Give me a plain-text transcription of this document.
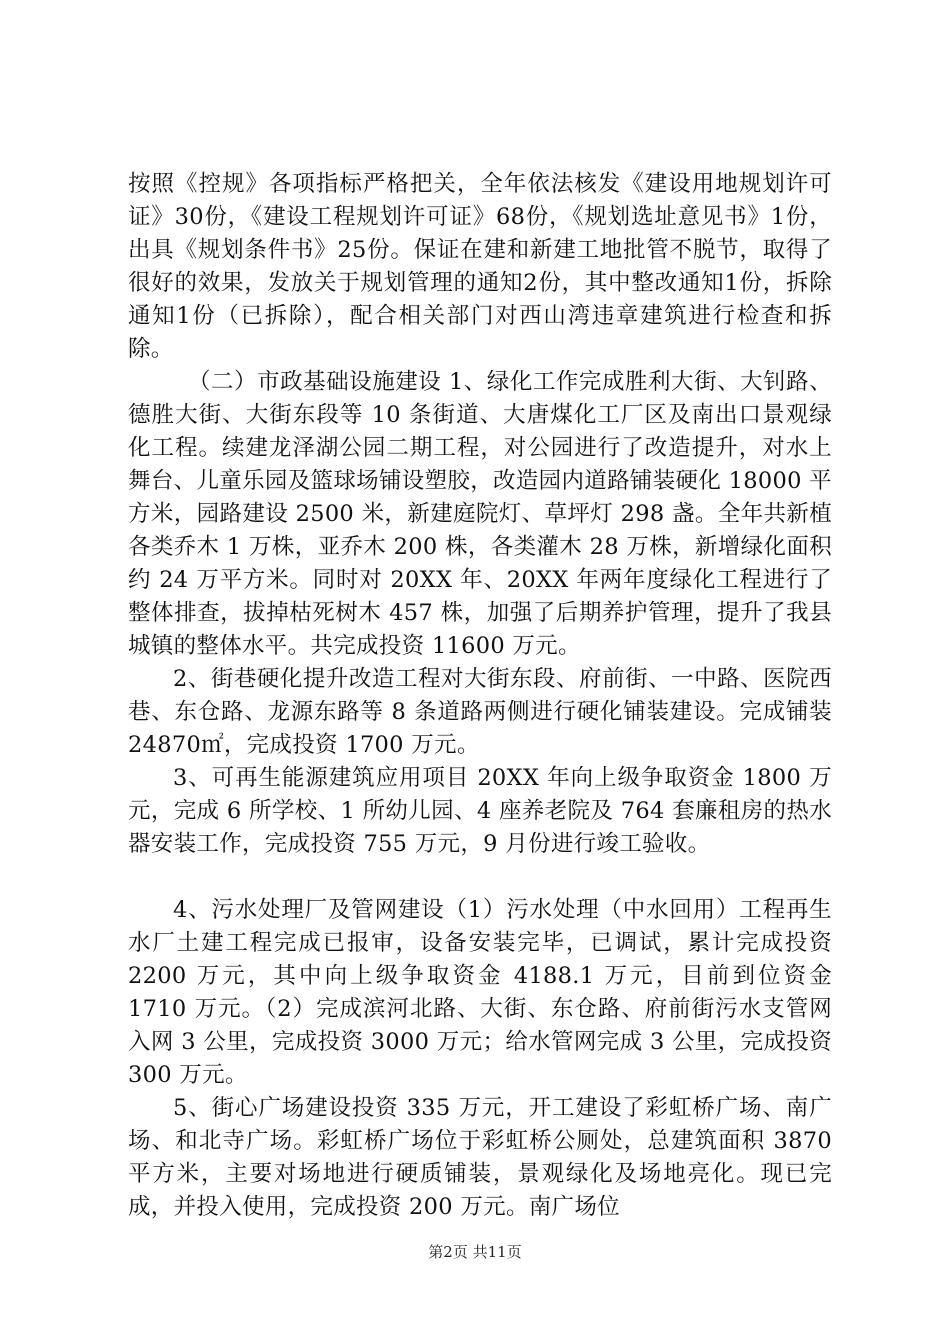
按照《控规》各项指标严格把关，全年依法核发《建设用地规划许可证》30份，《建设工程规划许可证》68份，《规划选址意见书》1份，出具《规划条件书》25份。保证在建和新建工地批管不脱节，取得了很好的效果，发放关于规划管理的通知2份，其中整改通知1份，拆除通知1份（已拆除），配合相关部门对西山湾违章建筑进行检查和拆除。

（二）市政基础设施建设 1、绿化工作完成胜利大街、大钊路、德胜大街、大街东段等 10 条街道、大唐煤化工厂区及南出口景观绿化工程。续建龙泽湖公园二期工程，对公园进行了改造提升，对水上舞台、儿童乐园及篮球场铺设塑胶，改造园内道路铺装硬化 18000 平方米，园路建设 2500 米，新建庭院灯、草坪灯 298 盏。全年共新植各类乔木 1 万株，亚乔木 200 株，各类灌木 28 万株，新增绿化面积约 24 万平方米。同时对 20XX 年、20XX 年两年度绿化工程进行了整体排查，拔掉枯死树木 457 株，加强了后期养护管理，提升了我县城镇的整体水平。共完成投资 11600 万元。

2、街巷硬化提升改造工程对大街东段、府前街、一中路、医院西巷、东仓路、龙源东路等 8 条道路两侧进行硬化铺装建设。完成铺装 24870㎡，完成投资 1700 万元。

3、可再生能源建筑应用项目 20XX 年向上级争取资金 1800 万元，完成 6 所学校、1 所幼儿园、4 座养老院及 764 套廉租房的热水器安装工作，完成投资 755 万元，9 月份进行竣工验收。

4、污水处理厂及管网建设（1）污水处理（中水回用）工程再生水厂土建工程完成已报审，设备安装完毕，已调试，累计完成投资 2200 万元，其中向上级争取资金 4188.1 万元，目前到位资金 1710 万元。（2）完成滨河北路、大街、东仓路、府前街污水支管网入网 3 公里，完成投资 3000 万元；给水管网完成 3 公里，完成投资 300 万元。

5、街心广场建设投资 335 万元，开工建设了彩虹桥广场、南广场、和北寺广场。彩虹桥广场位于彩虹桥公厕处，总建筑面积 3870 平方米，主要对场地进行硬质铺装，景观绿化及场地亮化。现已完成，并投入使用，完成投资 200 万元。南广场位

第2页 共11页
